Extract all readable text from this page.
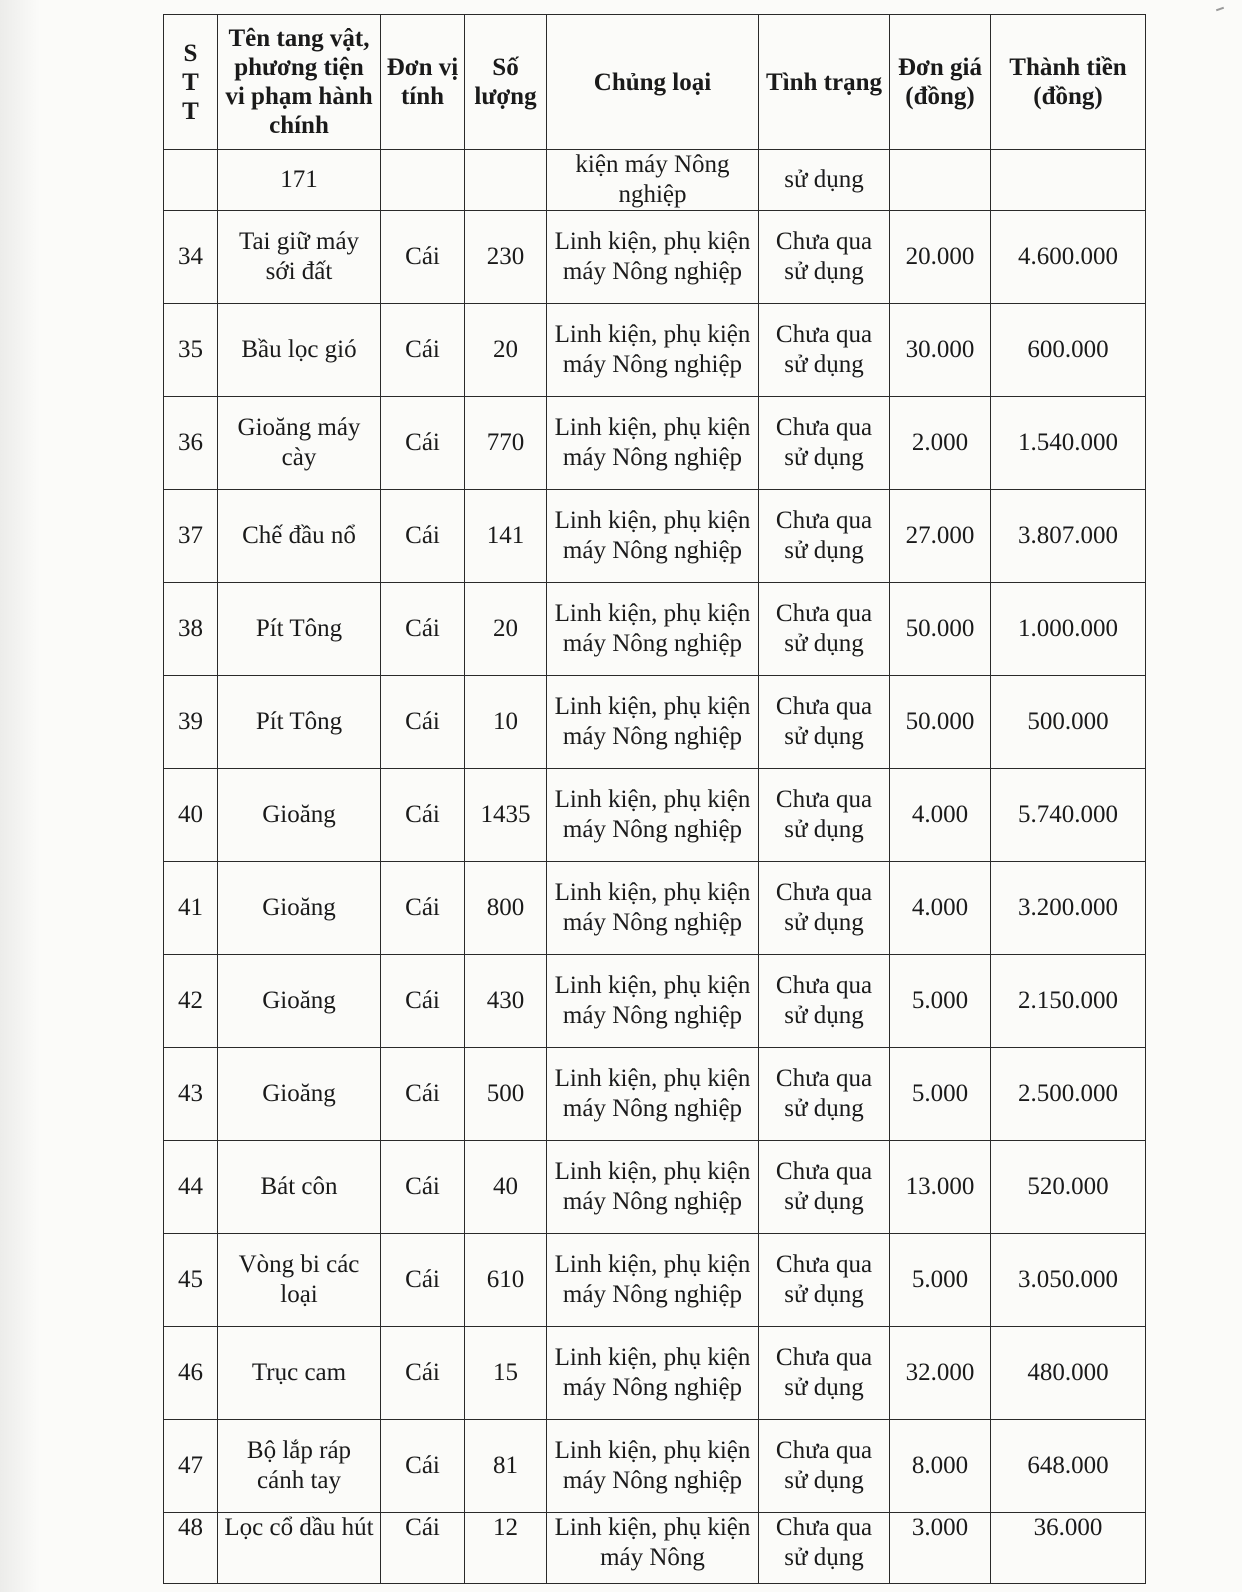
S
T
T	Tên tang vật, phương tiện vi phạm hành chính	Đơn vị tính	Số lượng	Chủng loại	Tình trạng	Đơn giá (đồng)	Thành tiền (đồng)
	171			kiện máy Nông nghiệp	sử dụng		
34	Tai giữ máy sới đất	Cái	230	Linh kiện, phụ kiện máy Nông nghiệp	Chưa qua sử dụng	20.000	4.600.000
35	Bầu lọc gió	Cái	20	Linh kiện, phụ kiện máy Nông nghiệp	Chưa qua sử dụng	30.000	600.000
36	Gioăng máy cày	Cái	770	Linh kiện, phụ kiện máy Nông nghiệp	Chưa qua sử dụng	2.000	1.540.000
37	Chế đầu nổ	Cái	141	Linh kiện, phụ kiện máy Nông nghiệp	Chưa qua sử dụng	27.000	3.807.000
38	Pít Tông	Cái	20	Linh kiện, phụ kiện máy Nông nghiệp	Chưa qua sử dụng	50.000	1.000.000
39	Pít Tông	Cái	10	Linh kiện, phụ kiện máy Nông nghiệp	Chưa qua sử dụng	50.000	500.000
40	Gioăng	Cái	1435	Linh kiện, phụ kiện máy Nông nghiệp	Chưa qua sử dụng	4.000	5.740.000
41	Gioăng	Cái	800	Linh kiện, phụ kiện máy Nông nghiệp	Chưa qua sử dụng	4.000	3.200.000
42	Gioăng	Cái	430	Linh kiện, phụ kiện máy Nông nghiệp	Chưa qua sử dụng	5.000	2.150.000
43	Gioăng	Cái	500	Linh kiện, phụ kiện máy Nông nghiệp	Chưa qua sử dụng	5.000	2.500.000
44	Bát côn	Cái	40	Linh kiện, phụ kiện máy Nông nghiệp	Chưa qua sử dụng	13.000	520.000
45	Vòng bi các loại	Cái	610	Linh kiện, phụ kiện máy Nông nghiệp	Chưa qua sử dụng	5.000	3.050.000
46	Trục cam	Cái	15	Linh kiện, phụ kiện máy Nông nghiệp	Chưa qua sử dụng	32.000	480.000
47	Bộ lắp ráp cánh tay	Cái	81	Linh kiện, phụ kiện máy Nông nghiệp	Chưa qua sử dụng	8.000	648.000
48	Lọc cổ dầu hút	Cái	12	Linh kiện, phụ kiện máy Nông	Chưa qua sử dụng	3.000	36.000
